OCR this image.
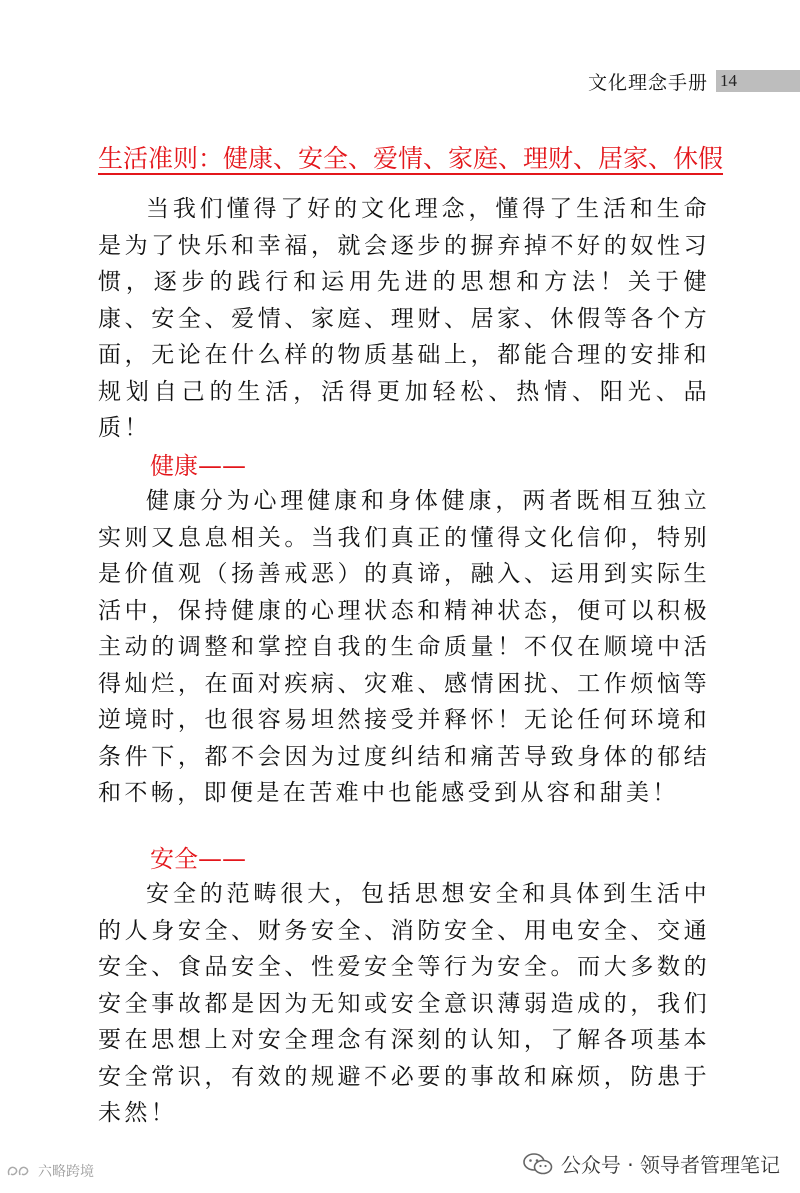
文化理念手册 14
生活准则：健康、安全、爱情、家庭、理财、居家、休假

当我们懂得了好的文化理念，懂得了生活和生命是为了快乐和幸福，就会逐步的摒弃掉不好的奴性习惯，逐步的践行和运用先进的思想和方法！关于健康、安全、爱情、家庭、理财、居家、休假等各个方面，无论在什么样的物质基础上，都能合理的安排和规划自己的生活，活得更加轻松、热情、阳光、品质！

健康——

健康分为心理健康和身体健康，两者既相互独立实则又息息相关。当我们真正的懂得文化信仰，特别是价值观（扬善戒恶）的真谛，融入、运用到实际生活中，保持健康的心理状态和精神状态，便可以积极主动的调整和掌控自我的生命质量！不仅在顺境中活得灿烂，在面对疾病、灾难、感情困扰、工作烦恼等逆境时，也很容易坦然接受并释怀！无论任何环境和条件下，都不会因为过度纠结和痛苦导致身体的郁结和不畅，即便是在苦难中也能感受到从容和甜美！

安全——

安全的范畴很大，包括思想安全和具体到生活中的人身安全、财务安全、消防安全、用电安全、交通安全、食品安全、性爱安全等行为安全。而大多数的安全事故都是因为无知或安全意识薄弱造成的，我们要在思想上对安全理念有深刻的认知，了解各项基本安全常识，有效的规避不必要的事故和麻烦，防患于未然！

公众号 · 领导者管理笔记
六略跨境
